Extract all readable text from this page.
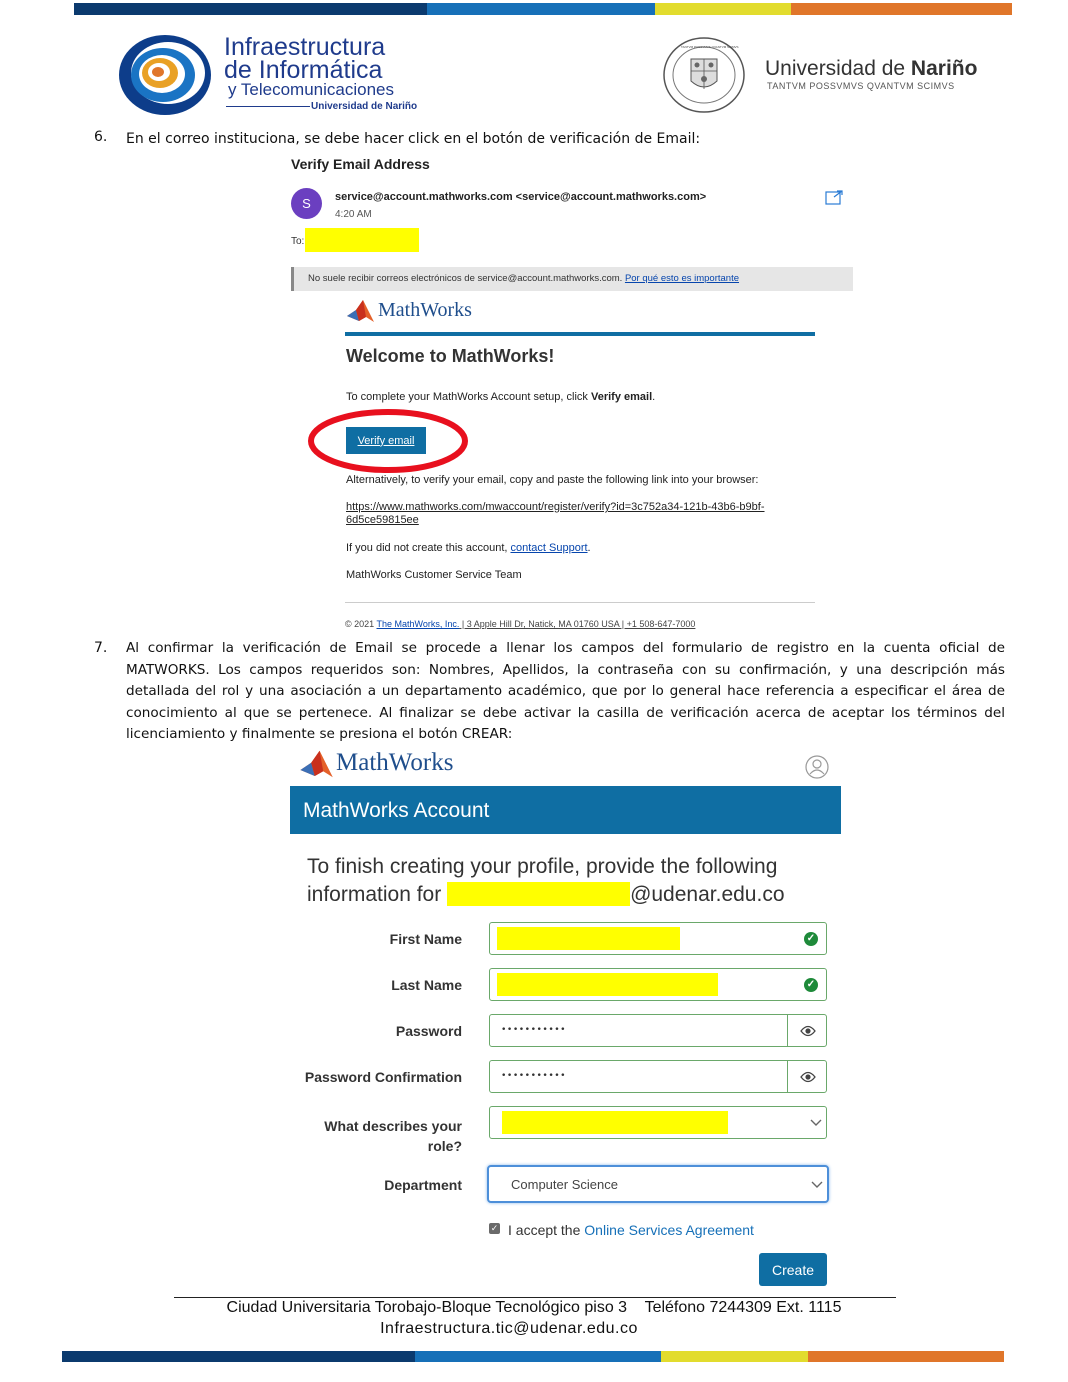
Infraestructura
de Informática
y Telecomunicaciones
Universidad de Nariño
TANTVM POSSVMVS QVANTVM SCIMVS
Universidad de Nariño
TANTVM POSSVMVS QVANTVM SCIMVS
6. En el correo instituciona, se debe hacer click en el botón de verificación de Email:
Verify Email Address
S service@account.mathworks.com <service@account.mathworks.com>
4:20 AM
To:
No suele recibir correos electrónicos de service@account.mathworks.com. Por qué esto es importante
MathWorks
Welcome to MathWorks!
To complete your MathWorks Account setup, click Verify email.
Verify email
Alternatively, to verify your email, copy and paste the following link into your browser:
https://www.mathworks.com/mwaccount/register/verify?id=3c752a34-121b-43b6-b9bf-
6d5ce59815ee
If you did not create this account, contact Support.
MathWorks Customer Service Team
© 2021 The MathWorks, Inc. | 3 Apple Hill Dr, Natick, MA 01760 USA | +1 508-647-7000
7. Al confirmar la verificación de Email se procede a llenar los campos del formulario de registro en la cuenta oficial de MATWORKS. Los campos requeridos son: Nombres, Apellidos, la contraseña con su confirmación, y una descripción más detallada del rol y una asociación a un departamento académico, que por lo general hace referencia a especificar el área de conocimiento al que se pertenece. Al finalizar se debe activar la casilla de verificación acerca de aceptar los términos del licenciamiento y finalmente se presiona el botón CREAR:
MathWorks
MathWorks Account
To finish creating your profile, provide the following
information for	@udenar.edu.co
First Name	✓
Last Name	✓
Password	•••••••••••
Password Confirmation	•••••••••••
What describes your
role?
Department	Computer Science
✓ I accept the Online Services Agreement
Create
Ciudad Universitaria Torobajo-Bloque Tecnológico piso 3    Teléfono 7244309 Ext. 1115
Infraestructura.tic@udenar.edu.co
